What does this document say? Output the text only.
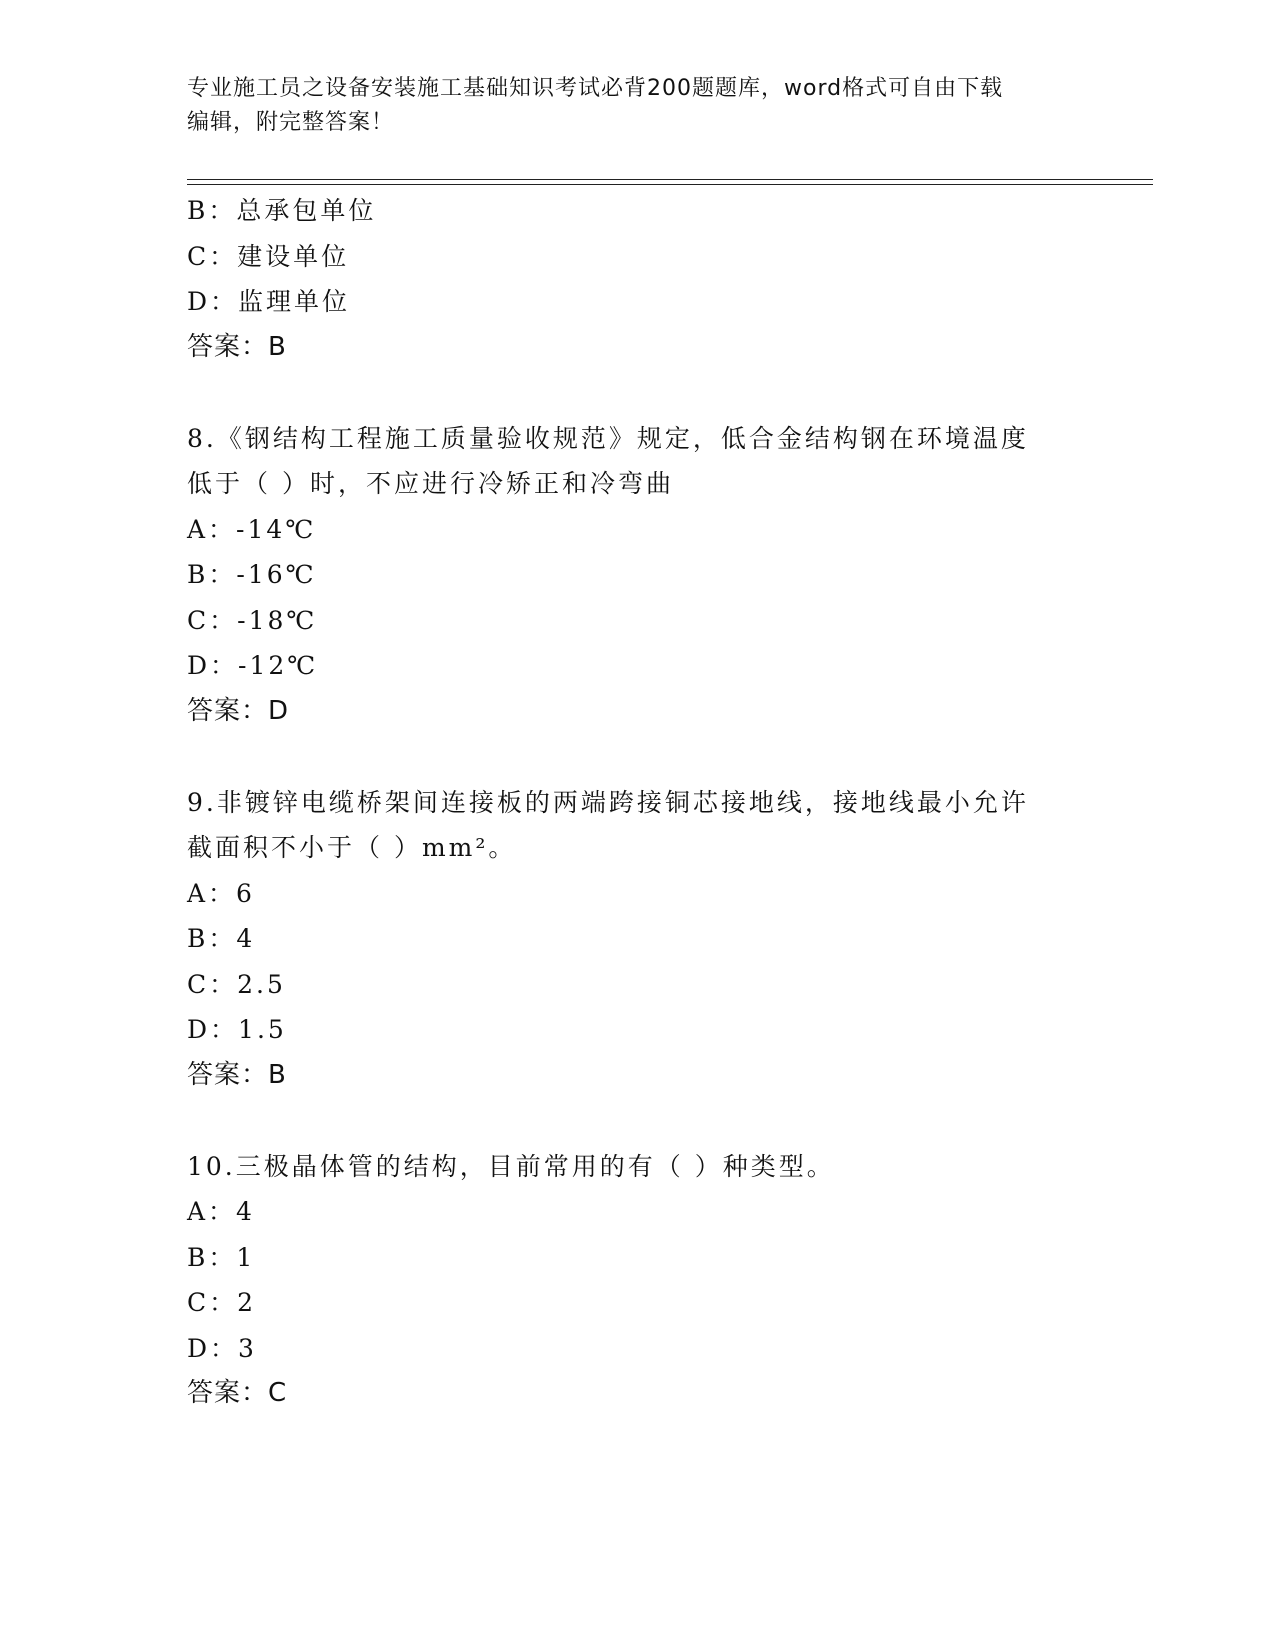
专业施工员之设备安装施工基础知识考试必背200题题库，word格式可自由下载
编辑，附完整答案！
B：总承包单位
C：建设单位
D：监理单位
答案：B
8.《钢结构工程施工质量验收规范》规定，低合金结构钢在环境温度
低于（ ）时，不应进行冷矫正和冷弯曲
A：-14℃
B：-16℃
C：-18℃
D：-12℃
答案：D
9.非镀锌电缆桥架间连接板的两端跨接铜芯接地线，接地线最小允许
截面积不小于（ ）mm²。
A：6
B：4
C：2.5
D：1.5
答案：B
10.三极晶体管的结构，目前常用的有（ ）种类型。
A：4
B：1
C：2
D：3
答案：C
